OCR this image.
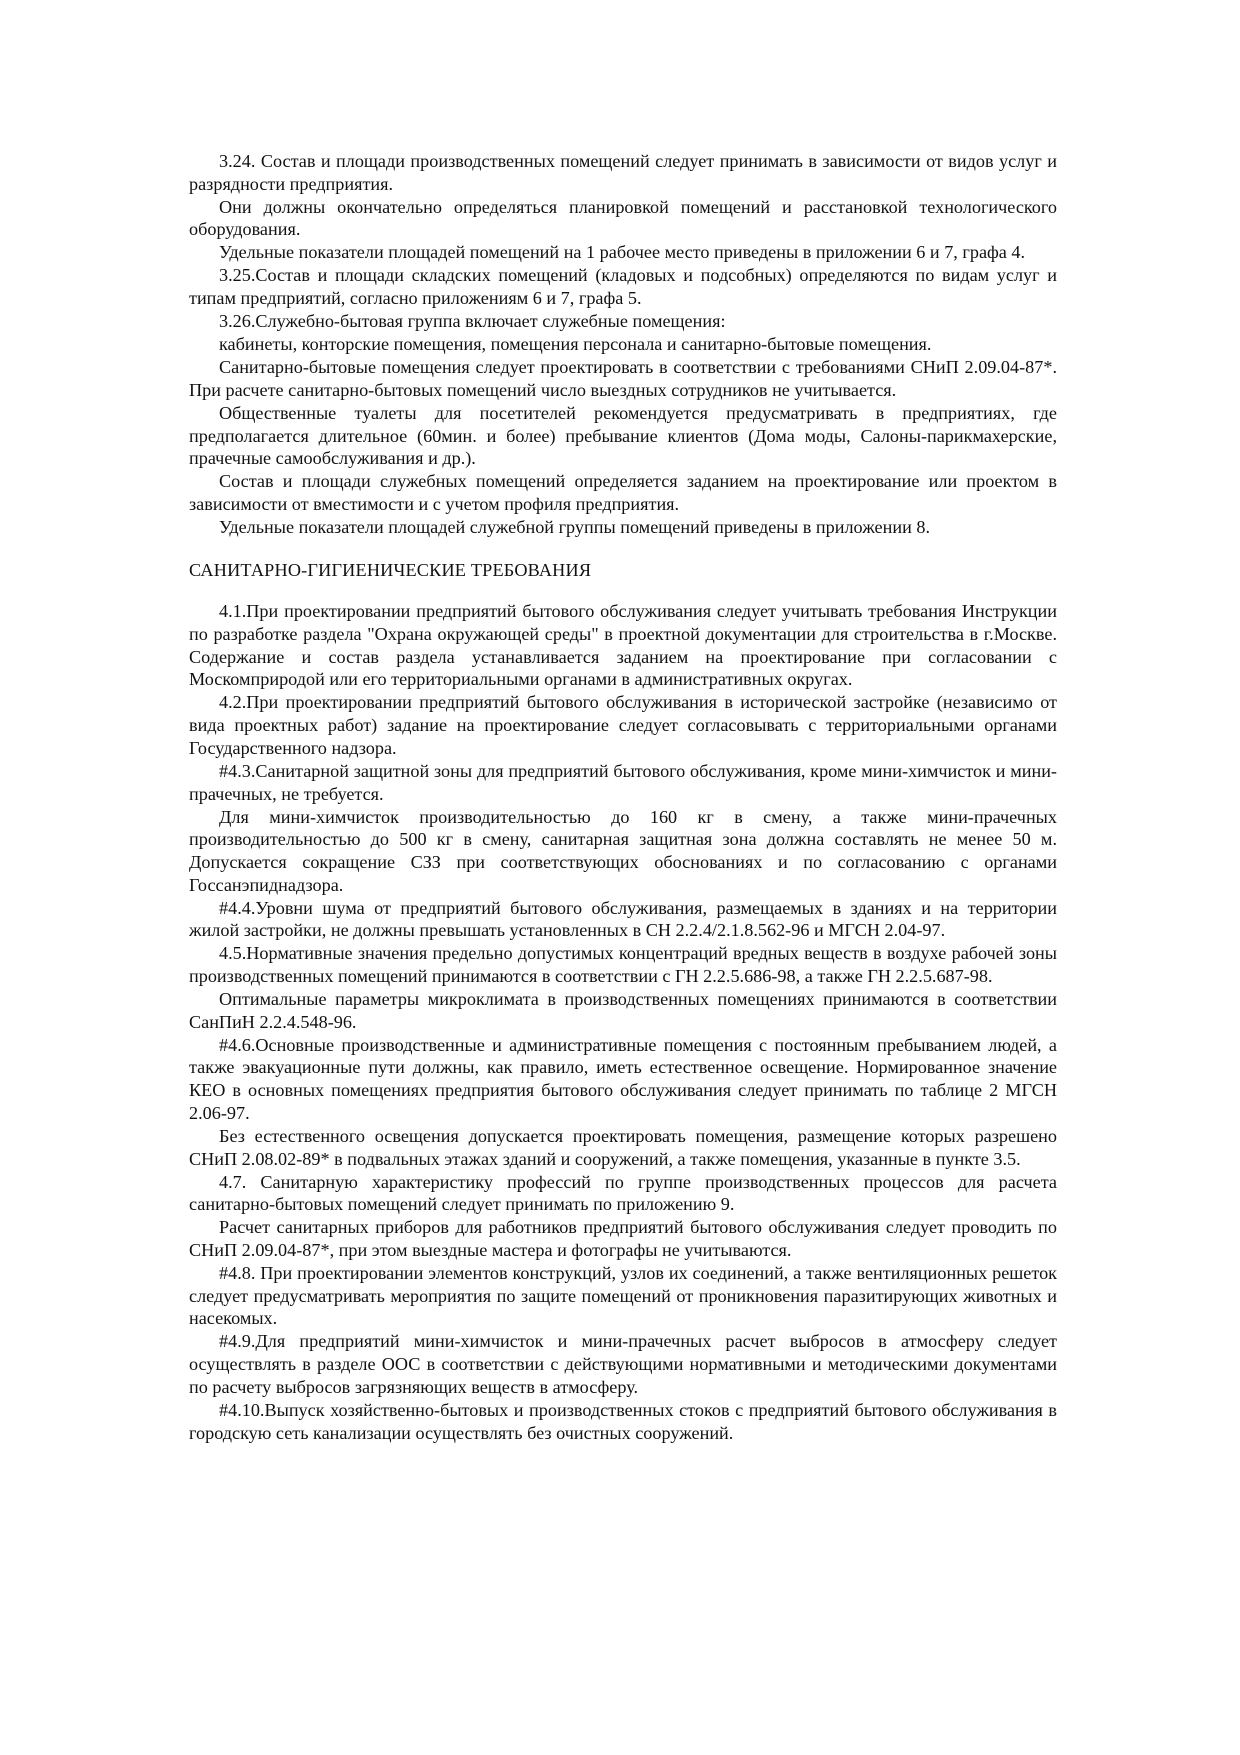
3.24. Состав и площади производственных помещений следует принимать в зависимости от видов услуг и разрядности предприятия.

Они должны окончательно определяться планировкой помещений и расстановкой технологического оборудования.

Удельные показатели площадей помещений на 1 рабочее место приведены в приложении 6 и 7, графа 4.

3.25.Состав и площади складских помещений (кладовых и подсобных) определяются по видам услуг и типам предприятий, согласно приложениям 6 и 7, графа 5.

3.26.Служебно-бытовая группа включает служебные помещения:

кабинеты, конторские помещения, помещения персонала и санитарно-бытовые помещения.

Санитарно-бытовые помещения следует проектировать в соответствии с требованиями СНиП 2.09.04-87*. При расчете санитарно-бытовых помещений число выездных сотрудников не учитывается.

Общественные туалеты для посетителей рекомендуется предусматривать в предприятиях, где предполагается длительное (60мин. и более) пребывание клиентов (Дома моды, Салоны-парикмахерские, прачечные самообслуживания и др.).

Состав и площади служебных помещений определяется заданием на проектирование или проектом в зависимости от вместимости и с учетом профиля предприятия.

Удельные показатели площадей служебной группы помещений приведены в приложении 8.

САНИТАРНО-ГИГИЕНИЧЕСКИЕ ТРЕБОВАНИЯ

4.1.При проектировании предприятий бытового обслуживания следует учитывать требования Инструкции по разработке раздела "Охрана окружающей среды" в проектной документации для строительства в г.Москве. Содержание и состав раздела устанавливается заданием на проектирование при согласовании с Москомприродой или его территориальными органами в административных округах.

4.2.При проектировании предприятий бытового обслуживания в исторической застройке (независимо от вида проектных работ) задание на проектирование следует согласовывать с территориальными органами Государственного надзора.

#4.3.Санитарной защитной зоны для предприятий бытового обслуживания, кроме мини-химчисток и мини-прачечных, не требуется.

Для мини-химчисток производительностью до 160 кг в смену, а также мини-прачечных производительностью до 500 кг в смену, санитарная защитная зона должна составлять не менее 50 м. Допускается сокращение СЗЗ при соответствующих обоснованиях и по согласованию с органами Госсанэпиднадзора.

#4.4.Уровни шума от предприятий бытового обслуживания, размещаемых в зданиях и на территории жилой застройки, не должны превышать установленных в СН 2.2.4/2.1.8.562-96 и МГСН 2.04-97.

4.5.Нормативные значения предельно допустимых концентраций вредных веществ в воздухе рабочей зоны производственных помещений принимаются в соответствии с ГН 2.2.5.686-98, а также ГН 2.2.5.687-98.

Оптимальные параметры микроклимата в производственных помещениях принимаются в соответствии СанПиН 2.2.4.548-96.

#4.6.Основные производственные и административные помещения с постоянным пребыванием людей, а также эвакуационные пути должны, как правило, иметь естественное освещение. Нормированное значение КЕО в основных помещениях предприятия бытового обслуживания следует принимать по таблице 2 МГСН 2.06-97.

Без естественного освещения допускается проектировать помещения, размещение которых разрешено СНиП 2.08.02-89* в подвальных этажах зданий и сооружений, а также помещения, указанные в пункте 3.5.

4.7. Санитарную характеристику профессий по группе производственных процессов для расчета санитарно-бытовых помещений следует принимать по приложению 9.

Расчет санитарных приборов для работников предприятий бытового обслуживания следует проводить по СНиП 2.09.04-87*, при этом выездные мастера и фотографы не учитываются.

#4.8. При проектировании элементов конструкций, узлов их соединений, а также вентиляционных решеток следует предусматривать мероприятия по защите помещений от проникновения паразитирующих животных и насекомых.

#4.9.Для предприятий мини-химчисток и мини-прачечных расчет выбросов в атмосферу следует осуществлять в разделе ООС в соответствии с действующими нормативными и методическими документами по расчету выбросов загрязняющих веществ в атмосферу.

#4.10.Выпуск хозяйственно-бытовых и производственных стоков с предприятий бытового обслуживания в городскую сеть канализации осуществлять без очистных сооружений.
